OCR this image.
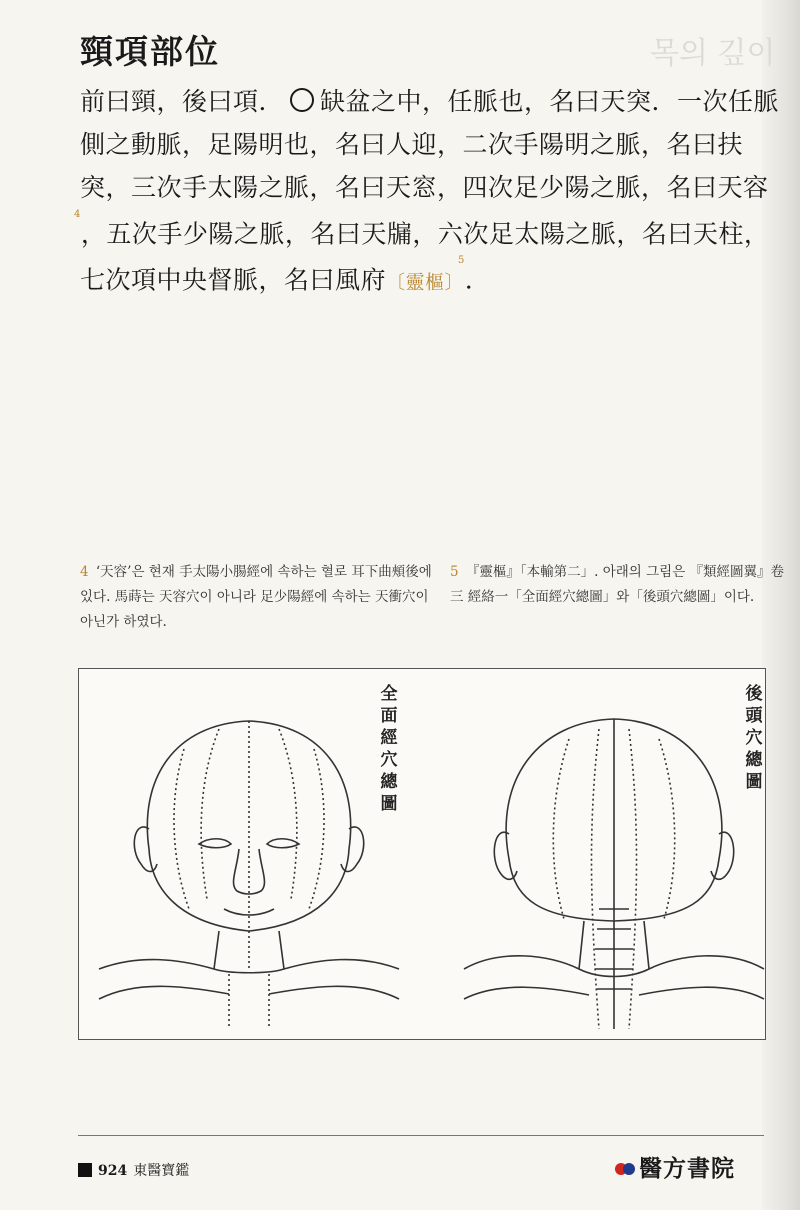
목의 깊이
頸項部位
前曰頸，後曰項． ○ 缺盆之中，任脈也，名曰天突．一次任脈側之動脈，足陽明也，名曰人迎，二次手陽明之脈，名曰扶突，三次手太陽之脈，名曰天窓，四次足少陽之脈，名曰天容$^4$，五次手少陽之脈，名曰天牖，六次足太陽之脈，名曰天柱，七次項中央督脈，名曰風府〔靈樞〕$^5$．
4 ‘天容’은 현재 手太陽小腸經에 속하는 혈로 耳下曲頰後에 있다. 馬蒔는 天容穴이 아니라 足少陽經에 속하는 天衝穴이 아닌가 하였다.
5 『靈樞』「本輸第二」. 아래의 그림은 『類經圖翼』卷三 經絡一「全面經穴總圖」와「後頭穴總圖」이다.
全面經穴總圖
後頭穴總圖
924 東醫寶鑑	醫方書院
